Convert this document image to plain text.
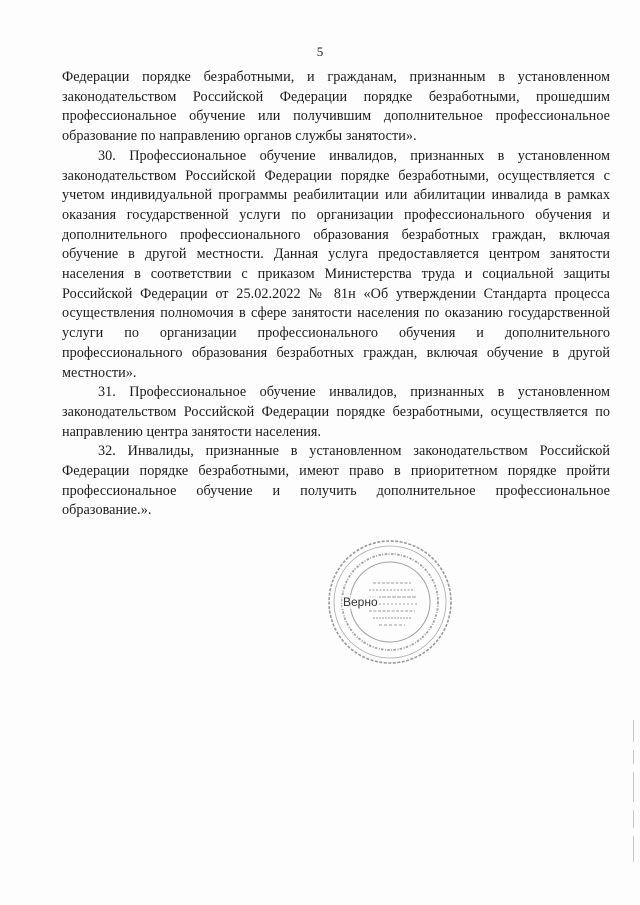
5

Федерации порядке безработными, и гражданам, признанным в установленном законодательством Российской Федерации порядке безработными, прошедшим профессиональное обучение или получившим дополнительное профессиональное образование по направлению органов службы занятости».

30. Профессиональное обучение инвалидов, признанных в установленном законодательством Российской Федерации порядке безработными, осуществляется с учетом индивидуальной программы реабилитации или абилитации инвалида в рамках оказания государственной услуги по организации профессионального обучения и дополнительного профессионального образования безработных граждан, включая обучение в другой местности. Данная услуга предоставляется центром занятости населения в соответствии с приказом Министерства труда и социальной защиты Российской Федерации от 25.02.2022 № 81н «Об утверждении Стандарта процесса осуществления полномочия в сфере занятости населения по оказанию государственной услуги по организации профессионального обучения и дополнительного профессионального образования безработных граждан, включая обучение в другой местности».

31. Профессиональное обучение инвалидов, признанных в установленном законодательством Российской Федерации порядке безработными, осуществляется по направлению центра занятости населения.

32. Инвалиды, признанные в установленном законодательством Российской Федерации порядке безработными, имеют право в приоритетном порядке пройти профессиональное обучение и получить дополнительное профессиональное образование.».

Верно
